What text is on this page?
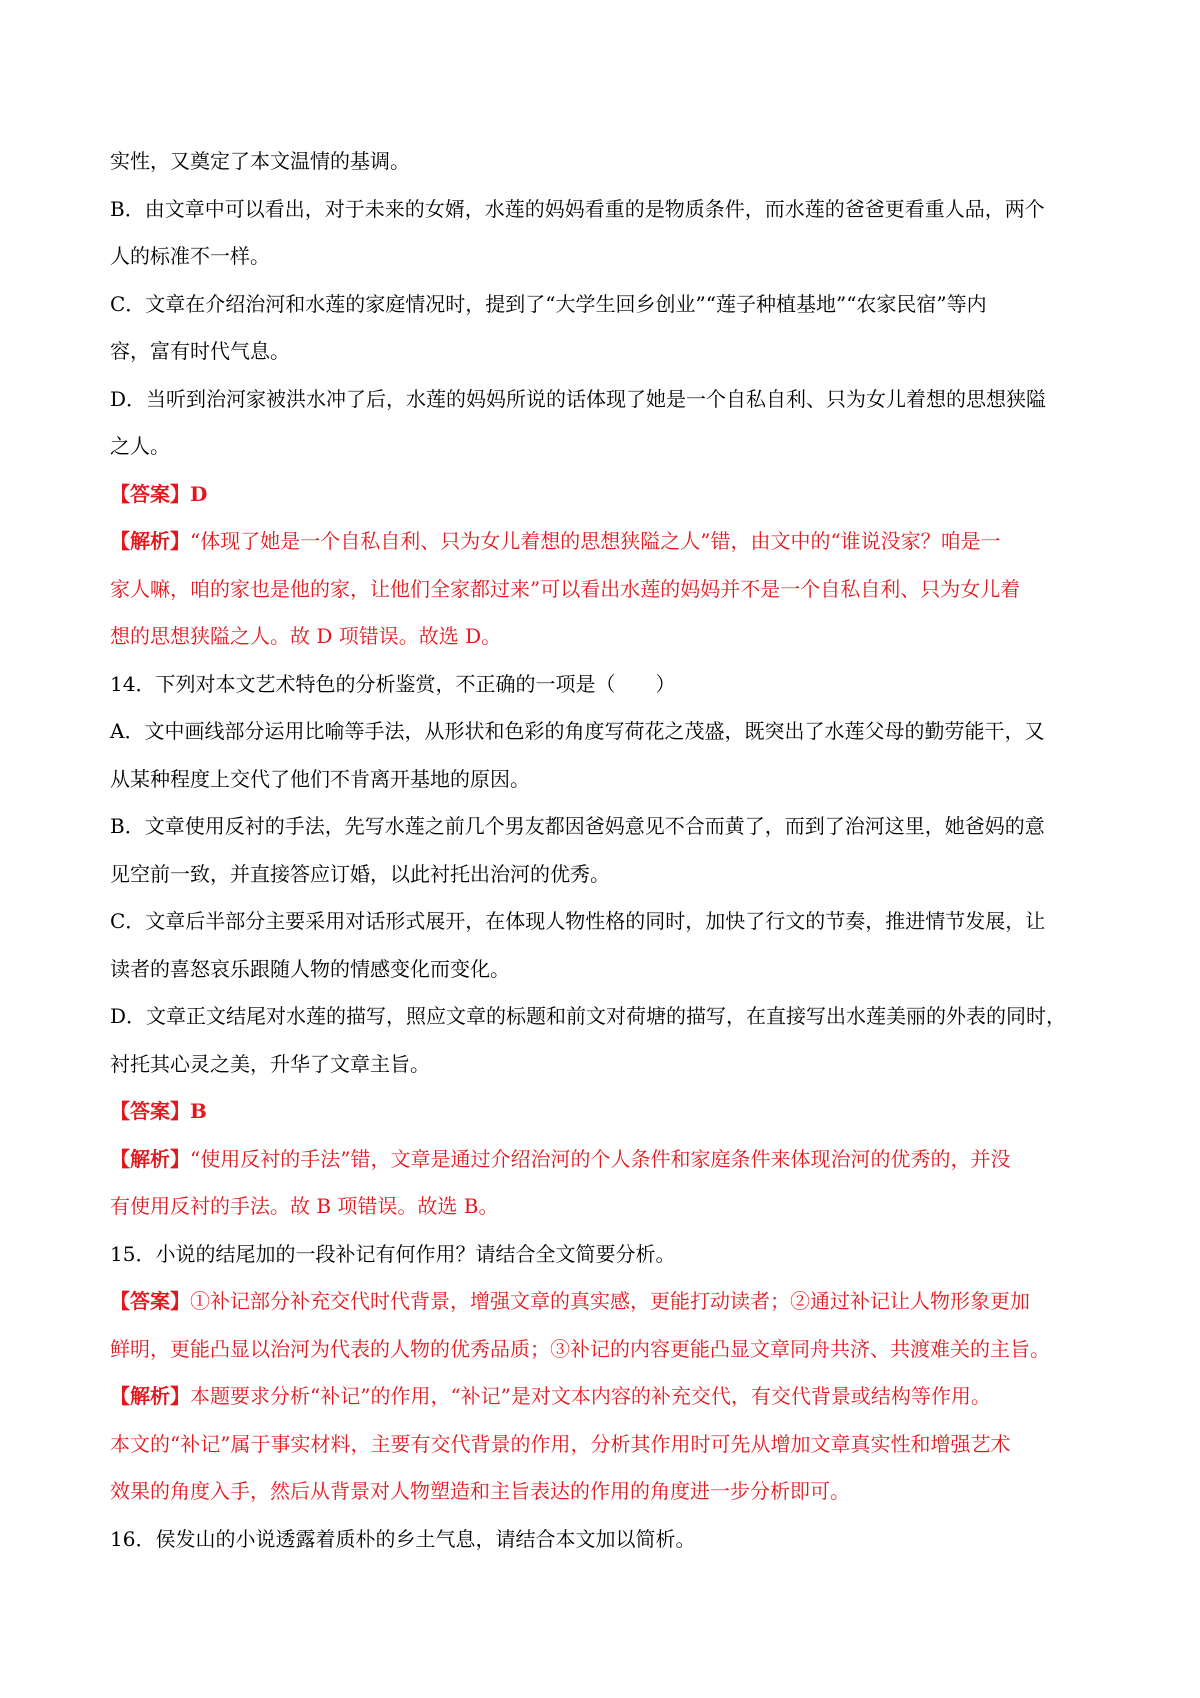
实性，又奠定了本文温情的基调。
B．由文章中可以看出，对于未来的女婿，水莲的妈妈看重的是物质条件，而水莲的爸爸更看重人品，两个
人的标准不一样。
C．文章在介绍治河和水莲的家庭情况时，提到了“大学生回乡创业”“莲子种植基地”“农家民宿”等内
容，富有时代气息。
D．当听到治河家被洪水冲了后，水莲的妈妈所说的话体现了她是一个自私自利、只为女儿着想的思想狭隘
之人。
【答案】D
【解析】“体现了她是一个自私自利、只为女儿着想的思想狭隘之人”错，由文中的“谁说没家？咱是一
家人嘛，咱的家也是他的家，让他们全家都过来”可以看出水莲的妈妈并不是一个自私自利、只为女儿着
想的思想狭隘之人。故 D 项错误。故选 D。
14．下列对本文艺术特色的分析鉴赏，不正确的一项是（　　）
A．文中画线部分运用比喻等手法，从形状和色彩的角度写荷花之茂盛，既突出了水莲父母的勤劳能干，又
从某种程度上交代了他们不肯离开基地的原因。
B．文章使用反衬的手法，先写水莲之前几个男友都因爸妈意见不合而黄了，而到了治河这里，她爸妈的意
见空前一致，并直接答应订婚，以此衬托出治河的优秀。
C．文章后半部分主要采用对话形式展开，在体现人物性格的同时，加快了行文的节奏，推进情节发展，让
读者的喜怒哀乐跟随人物的情感变化而变化。
D．文章正文结尾对水莲的描写，照应文章的标题和前文对荷塘的描写，在直接写出水莲美丽的外表的同时，
衬托其心灵之美，升华了文章主旨。
【答案】B
【解析】“使用反衬的手法”错，文章是通过介绍治河的个人条件和家庭条件来体现治河的优秀的，并没
有使用反衬的手法。故 B 项错误。故选 B。
15．小说的结尾加的一段补记有何作用？请结合全文简要分析。
【答案】①补记部分补充交代时代背景，增强文章的真实感，更能打动读者；②通过补记让人物形象更加
鲜明，更能凸显以治河为代表的人物的优秀品质；③补记的内容更能凸显文章同舟共济、共渡难关的主旨。
【解析】本题要求分析“补记”的作用，“补记”是对文本内容的补充交代，有交代背景或结构等作用。
本文的“补记”属于事实材料，主要有交代背景的作用，分析其作用时可先从增加文章真实性和增强艺术
效果的角度入手，然后从背景对人物塑造和主旨表达的作用的角度进一步分析即可。
16．侯发山的小说透露着质朴的乡土气息，请结合本文加以简析。
